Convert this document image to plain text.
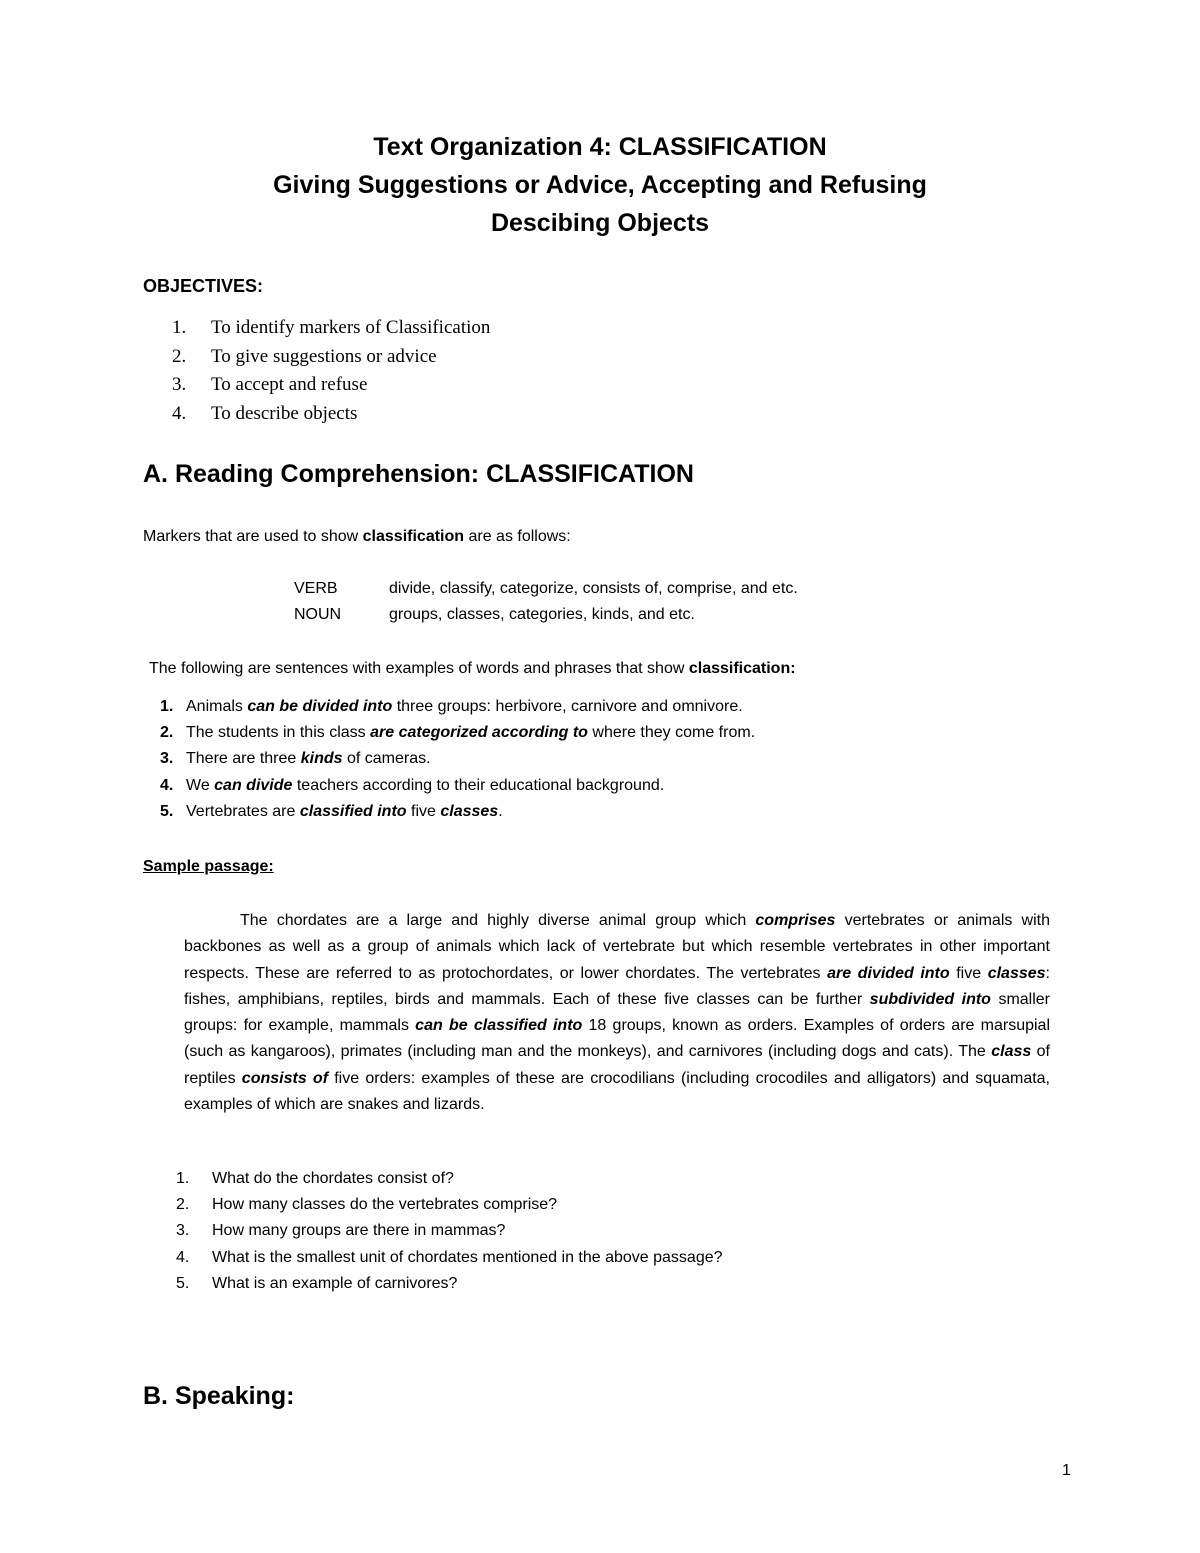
Text Organization 4: CLASSIFICATION

Giving Suggestions or Advice, Accepting and Refusing

Descibing Objects

OBJECTIVES:
1. To identify markers of Classification
2. To give suggestions or advice
3. To accept and refuse
4. To describe objects
A. Reading Comprehension: CLASSIFICATION
Markers that are used to show classification are as follows:
VERB	divide, classify, categorize, consists of, comprise, and etc.
NOUN	groups, classes, categories, kinds, and etc.
The following are sentences with examples of words and phrases that show classification:
1. Animals can be divided into three groups: herbivore, carnivore and omnivore.
2. The students in this class are categorized according to where they come from.
3. There are three kinds of cameras.
4. We can divide teachers according to their educational background.
5. Vertebrates are classified into five classes.
Sample passage:

The chordates are a large and highly diverse animal group which comprises vertebrates or animals with backbones as well as a group of animals which lack of vertebrate but which resemble vertebrates in other important respects. These are referred to as protochordates, or lower chordates. The vertebrates are divided into five classes: fishes, amphibians, reptiles, birds and mammals. Each of these five classes can be further subdivided into smaller groups: for example, mammals can be classified into 18 groups, known as orders. Examples of orders are marsupial (such as kangaroos), primates (including man and the monkeys), and carnivores (including dogs and cats). The class of reptiles consists of five orders: examples of these are crocodilians (including crocodiles and alligators) and squamata, examples of which are snakes and lizards.

1. What do the chordates consist of?
2. How many classes do the vertebrates comprise?
3. How many groups are there in mammas?
4. What is the smallest unit of chordates mentioned in the above passage?
5. What is an example of carnivores?
B. Speaking:
1
